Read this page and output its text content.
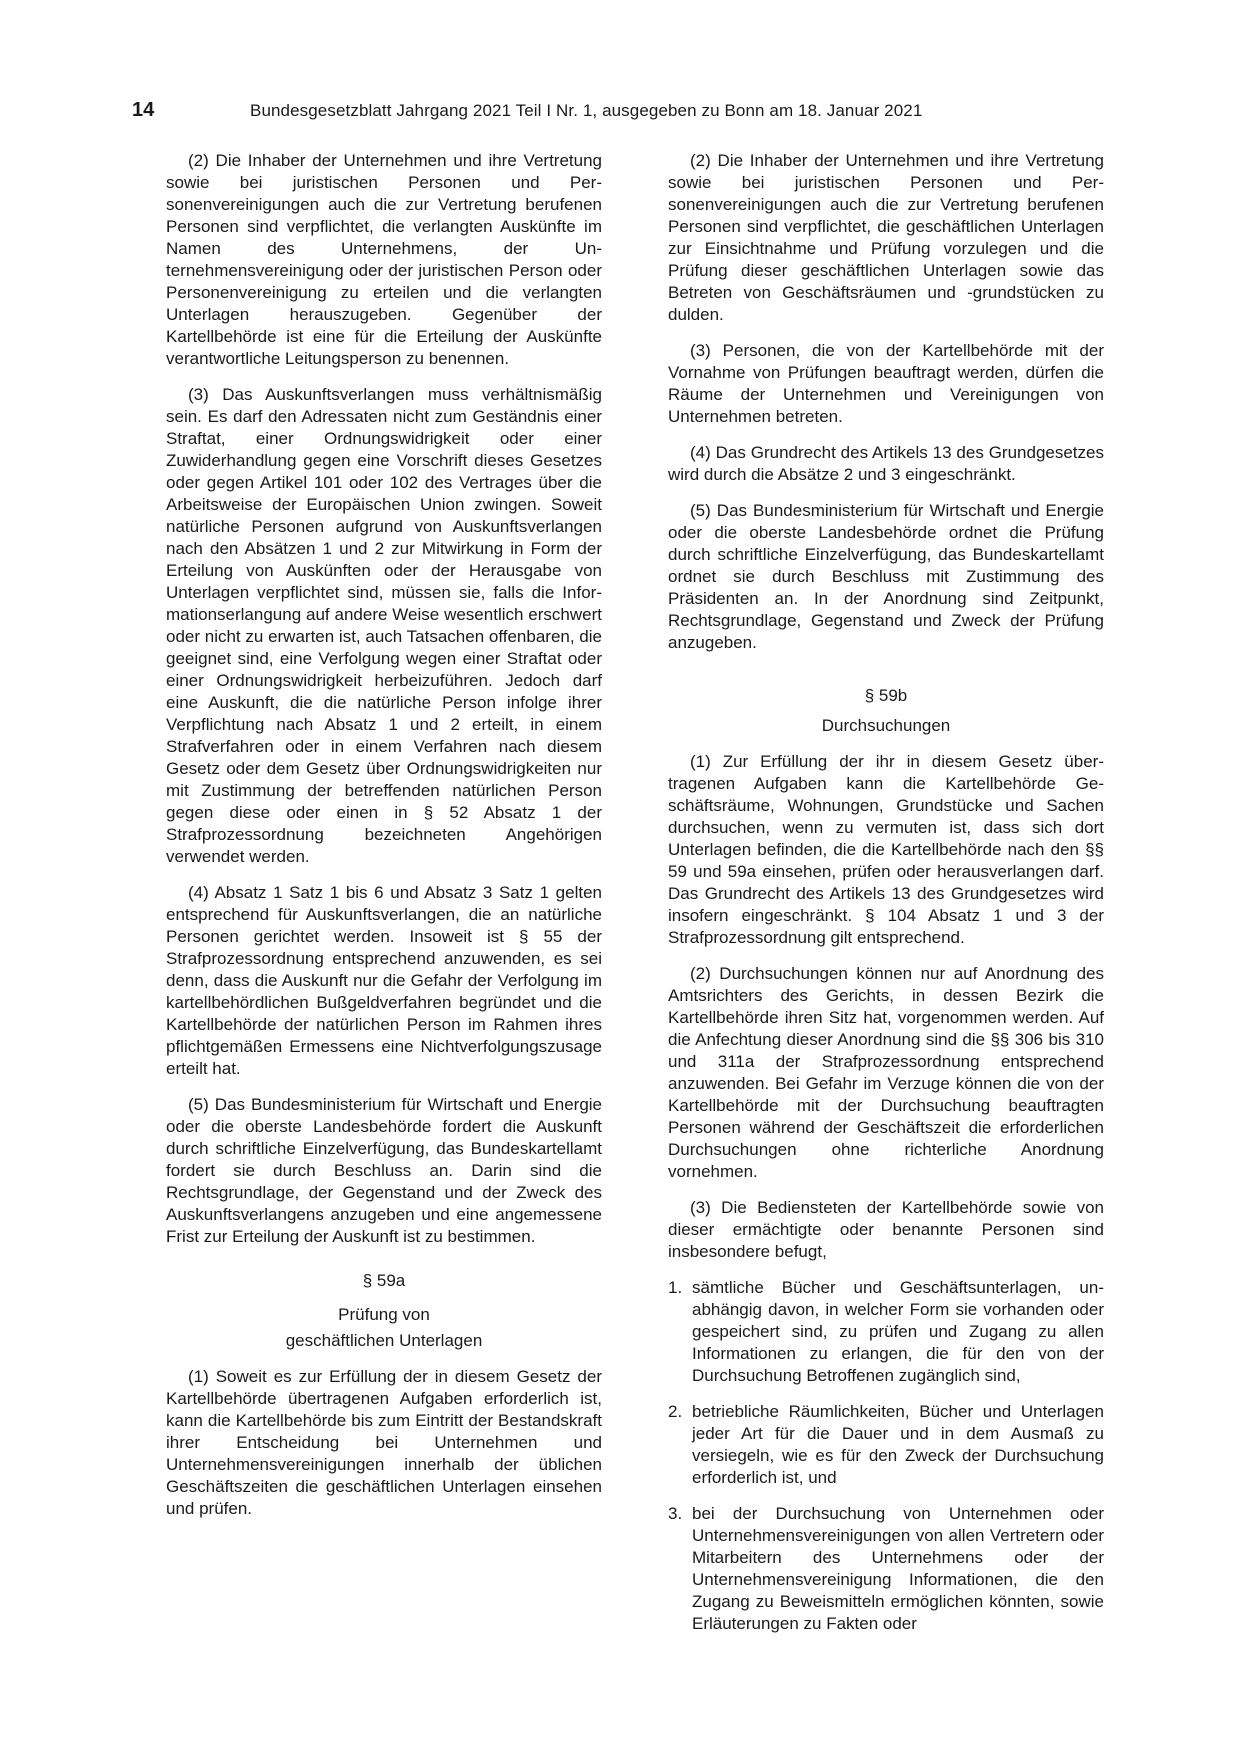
14	Bundesgesetzblatt Jahrgang 2021 Teil I Nr. 1, ausgegeben zu Bonn am 18. Januar 2021

(2) Die Inhaber der Unternehmen und ihre Vertretung sowie bei juristischen Personen und Personenvereinigungen auch die zur Vertretung berufenen Personen sind verpflichtet, die verlangten Auskünfte im Namen des Unternehmens, der Unternehmensvereinigung oder der juristischen Person oder Personenvereinigung zu erteilen und die verlangten Unterlagen herauszugeben. Gegenüber der Kartellbehörde ist eine für die Erteilung der Auskünfte verantwortliche Leitungsperson zu benennen.

(3) Das Auskunftsverlangen muss verhältnismäßig sein. Es darf den Adressaten nicht zum Geständnis einer Straftat, einer Ordnungswidrigkeit oder einer Zuwiderhandlung gegen eine Vorschrift dieses Gesetzes oder gegen Artikel 101 oder 102 des Vertrages über die Arbeitsweise der Europäischen Union zwingen. Soweit natürliche Personen aufgrund von Auskunftsverlangen nach den Absätzen 1 und 2 zur Mitwirkung in Form der Erteilung von Auskünften oder der Herausgabe von Unterlagen verpflichtet sind, müssen sie, falls die Informationserlangung auf andere Weise wesentlich erschwert oder nicht zu erwarten ist, auch Tatsachen offenbaren, die geeignet sind, eine Verfolgung wegen einer Straftat oder einer Ordnungswidrigkeit herbeizuführen. Jedoch darf eine Auskunft, die die natürliche Person infolge ihrer Verpflichtung nach Absatz 1 und 2 erteilt, in einem Strafverfahren oder in einem Verfahren nach diesem Gesetz oder dem Gesetz über Ordnungswidrigkeiten nur mit Zustimmung der betreffenden natürlichen Person gegen diese oder einen in § 52 Absatz 1 der Strafprozessordnung bezeichneten Angehörigen verwendet werden.

(4) Absatz 1 Satz 1 bis 6 und Absatz 3 Satz 1 gelten entsprechend für Auskunftsverlangen, die an natürliche Personen gerichtet werden. Insoweit ist § 55 der Strafprozessordnung entsprechend anzuwenden, es sei denn, dass die Auskunft nur die Gefahr der Verfolgung im kartellbehördlichen Bußgeldverfahren begründet und die Kartellbehörde der natürlichen Person im Rahmen ihres pflichtgemäßen Ermessens eine Nichtverfolgungszusage erteilt hat.

(5) Das Bundesministerium für Wirtschaft und Energie oder die oberste Landesbehörde fordert die Auskunft durch schriftliche Einzelverfügung, das Bundeskartellamt fordert sie durch Beschluss an. Darin sind die Rechtsgrundlage, der Gegenstand und der Zweck des Auskunftsverlangens anzugeben und eine angemessene Frist zur Erteilung der Auskunft ist zu bestimmen.

§ 59a
Prüfung von
geschäftlichen Unterlagen

(1) Soweit es zur Erfüllung der in diesem Gesetz der Kartellbehörde übertragenen Aufgaben erforderlich ist, kann die Kartellbehörde bis zum Eintritt der Bestandskraft ihrer Entscheidung bei Unternehmen und Unternehmensvereinigungen innerhalb der üblichen Geschäftszeiten die geschäftlichen Unterlagen einsehen und prüfen.

(2) Die Inhaber der Unternehmen und ihre Vertretung sowie bei juristischen Personen und Personenvereinigungen auch die zur Vertretung berufenen Personen sind verpflichtet, die geschäftlichen Unterlagen zur Einsichtnahme und Prüfung vorzulegen und die Prüfung dieser geschäftlichen Unterlagen sowie das Betreten von Geschäftsräumen und -grundstücken zu dulden.

(3) Personen, die von der Kartellbehörde mit der Vornahme von Prüfungen beauftragt werden, dürfen die Räume der Unternehmen und Vereinigungen von Unternehmen betreten.

(4) Das Grundrecht des Artikels 13 des Grundgesetzes wird durch die Absätze 2 und 3 eingeschränkt.

(5) Das Bundesministerium für Wirtschaft und Energie oder die oberste Landesbehörde ordnet die Prüfung durch schriftliche Einzelverfügung, das Bundeskartellamt ordnet sie durch Beschluss mit Zustimmung des Präsidenten an. In der Anordnung sind Zeitpunkt, Rechtsgrundlage, Gegenstand und Zweck der Prüfung anzugeben.

§ 59b
Durchsuchungen

(1) Zur Erfüllung der ihr in diesem Gesetz übertragenen Aufgaben kann die Kartellbehörde Geschäftsräume, Wohnungen, Grundstücke und Sachen durchsuchen, wenn zu vermuten ist, dass sich dort Unterlagen befinden, die die Kartellbehörde nach den §§ 59 und 59a einsehen, prüfen oder herausverlangen darf. Das Grundrecht des Artikels 13 des Grundgesetzes wird insofern eingeschränkt. § 104 Absatz 1 und 3 der Strafprozessordnung gilt entsprechend.

(2) Durchsuchungen können nur auf Anordnung des Amtsrichters des Gerichts, in dessen Bezirk die Kartellbehörde ihren Sitz hat, vorgenommen werden. Auf die Anfechtung dieser Anordnung sind die §§ 306 bis 310 und 311a der Strafprozessordnung entsprechend anzuwenden. Bei Gefahr im Verzuge können die von der Kartellbehörde mit der Durchsuchung beauftragten Personen während der Geschäftszeit die erforderlichen Durchsuchungen ohne richterliche Anordnung vornehmen.

(3) Die Bediensteten der Kartellbehörde sowie von dieser ermächtigte oder benannte Personen sind insbesondere befugt,

1. sämtliche Bücher und Geschäftsunterlagen, unabhängig davon, in welcher Form sie vorhanden oder gespeichert sind, zu prüfen und Zugang zu allen Informationen zu erlangen, die für den von der Durchsuchung Betroffenen zugänglich sind,
2. betriebliche Räumlichkeiten, Bücher und Unterlagen jeder Art für die Dauer und in dem Ausmaß zu versiegeln, wie es für den Zweck der Durchsuchung erforderlich ist, und
3. bei der Durchsuchung von Unternehmen oder Unternehmensvereinigungen von allen Vertretern oder Mitarbeitern des Unternehmens oder der Unternehmensvereinigung Informationen, die den Zugang zu Beweismitteln ermöglichen könnten, sowie Erläuterungen zu Fakten oder
